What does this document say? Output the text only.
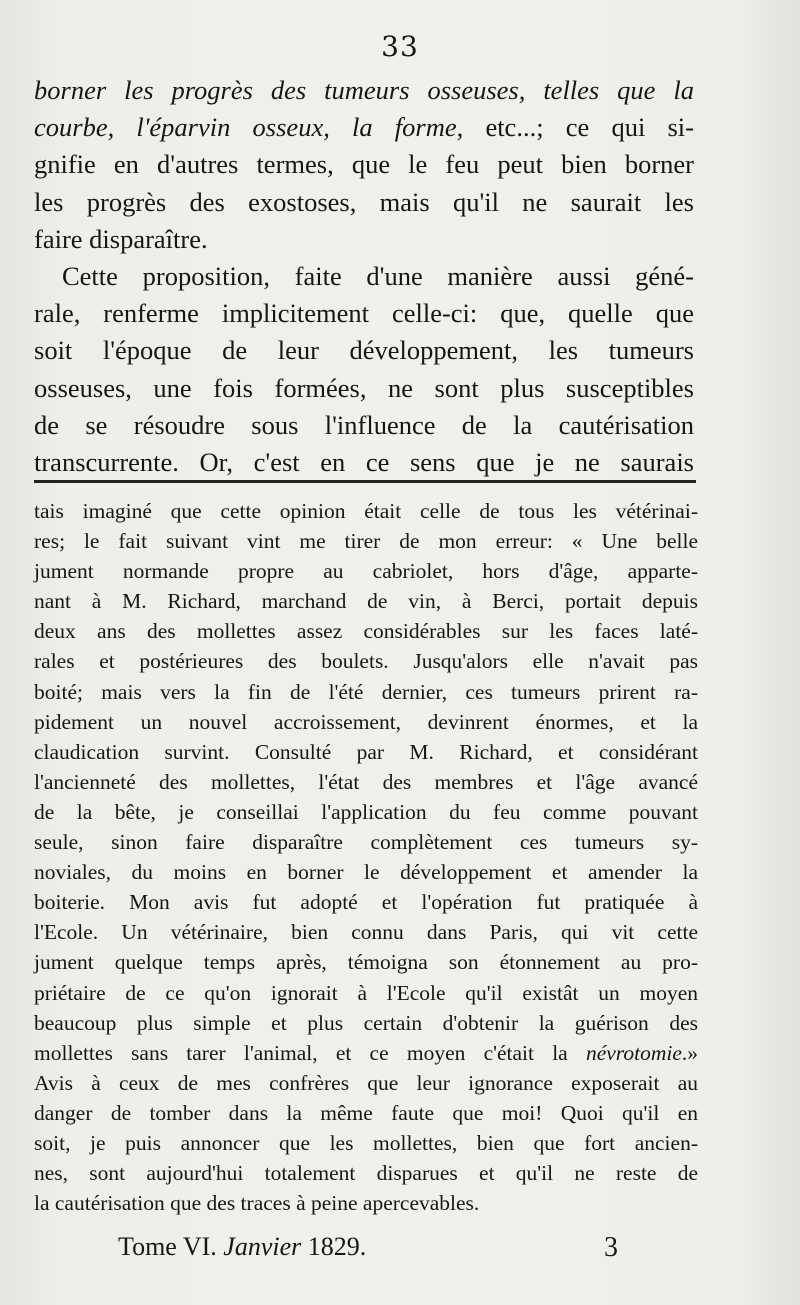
33
borner les progrès des tumeurs osseuses, telles que la
courbe, l'éparvin osseux, la forme, etc...; ce qui si-
gnifie en d'autres termes, que le feu peut bien borner
les progrès des exostoses, mais qu'il ne saurait les
faire disparaître.
Cette proposition, faite d'une manière aussi géné-
rale, renferme implicitement celle-ci: que, quelle que
soit l'époque de leur développement, les tumeurs
osseuses, une fois formées, ne sont plus susceptibles
de se résoudre sous l'influence de la cautérisation
transcurrente. Or, c'est en ce sens que je ne saurais
tais imaginé que cette opinion était celle de tous les vétérinai-
res; le fait suivant vint me tirer de mon erreur: « Une belle
jument normande propre au cabriolet, hors d'âge, apparte-
nant à M. Richard, marchand de vin, à Berci, portait depuis
deux ans des mollettes assez considérables sur les faces laté-
rales et postérieures des boulets. Jusqu'alors elle n'avait pas
boité; mais vers la fin de l'été dernier, ces tumeurs prirent ra-
pidement un nouvel accroissement, devinrent énormes, et la
claudication survint. Consulté par M. Richard, et considérant
l'ancienneté des mollettes, l'état des membres et l'âge avancé
de la bête, je conseillai l'application du feu comme pouvant
seule, sinon faire disparaître complètement ces tumeurs sy-
noviales, du moins en borner le développement et amender la
boiterie. Mon avis fut adopté et l'opération fut pratiquée à
l'Ecole. Un vétérinaire, bien connu dans Paris, qui vit cette
jument quelque temps après, témoigna son étonnement au pro-
priétaire de ce qu'on ignorait à l'Ecole qu'il existât un moyen
beaucoup plus simple et plus certain d'obtenir la guérison des
mollettes sans tarer l'animal, et ce moyen c'était la névrotomie.»
Avis à ceux de mes confrères que leur ignorance exposerait au
danger de tomber dans la même faute que moi! Quoi qu'il en
soit, je puis annoncer que les mollettes, bien que fort ancien-
nes, sont aujourd'hui totalement disparues et qu'il ne reste de
la cautérisation que des traces à peine apercevables.
Tome VI. Janvier 1829.	3
